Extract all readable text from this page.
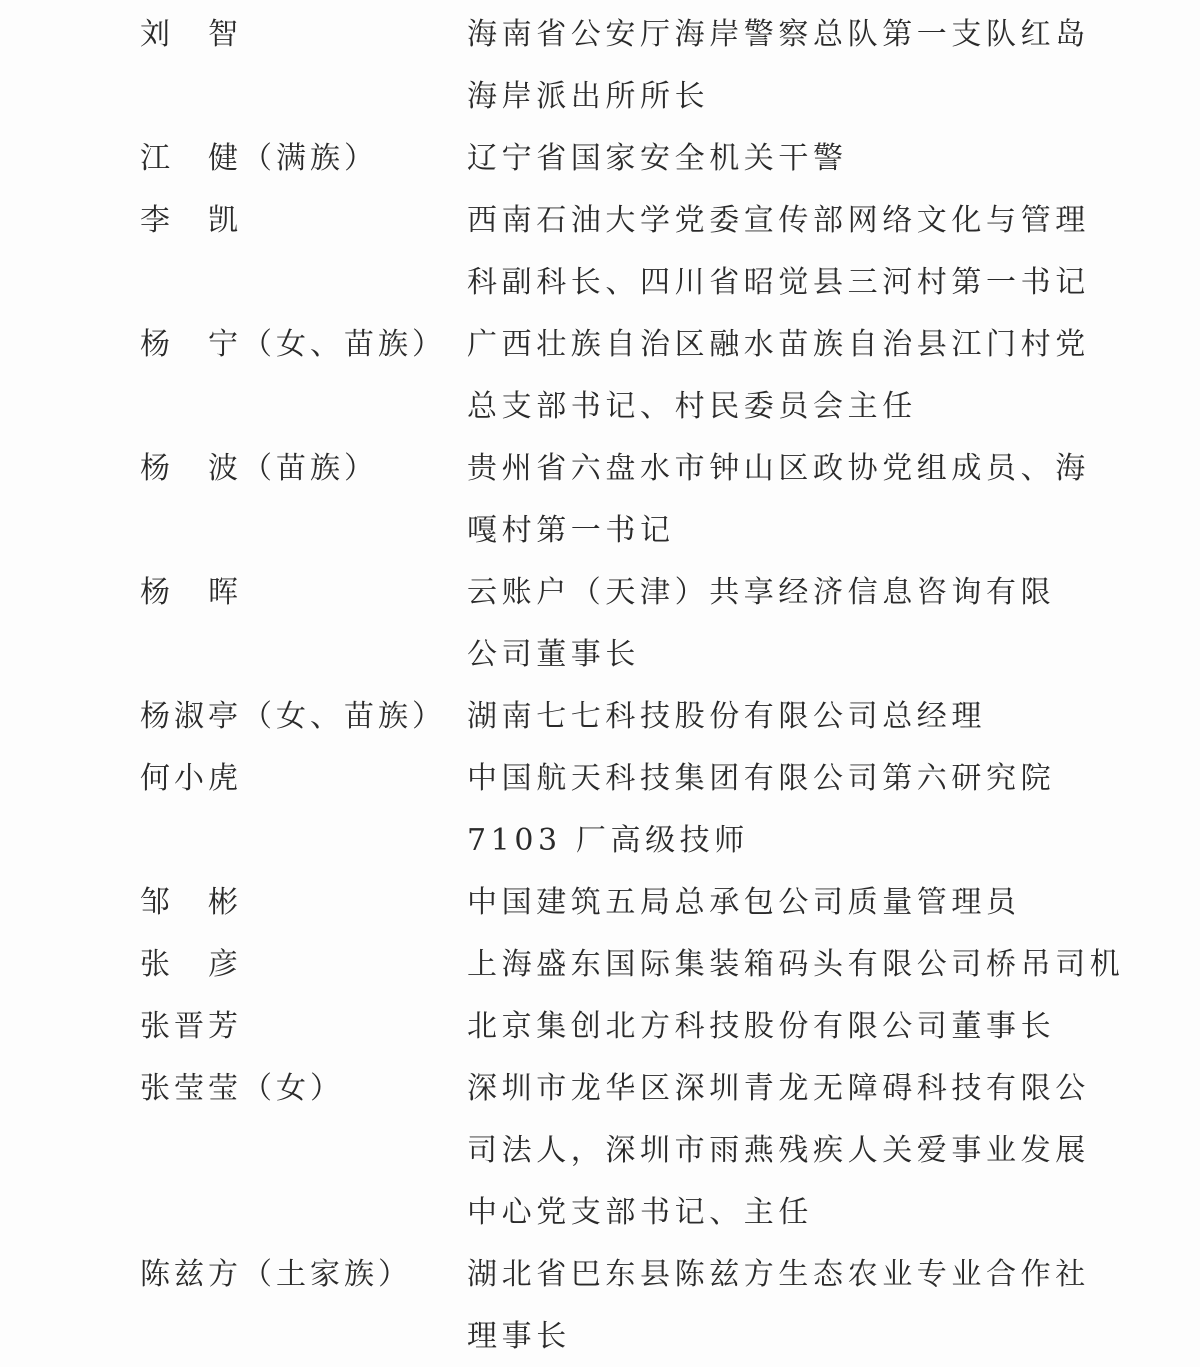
刘　智	海南省公安厅海岸警察总队第一支队红岛
海岸派出所所长
江　健（满族）	辽宁省国家安全机关干警
李　凯	西南石油大学党委宣传部网络文化与管理
科副科长、四川省昭觉县三河村第一书记
杨　宁（女、苗族） 广西壮族自治区融水苗族自治县江门村党
总支部书记、村民委员会主任
杨　波（苗族）	贵州省六盘水市钟山区政协党组成员、海
嘎村第一书记
杨　晖	云账户（天津）共享经济信息咨询有限
公司董事长
杨淑亭（女、苗族） 湖南七七科技股份有限公司总经理
何小虎	中国航天科技集团有限公司第六研究院
7103 厂高级技师
邹　彬	中国建筑五局总承包公司质量管理员
张　彦	上海盛东国际集装箱码头有限公司桥吊司机
张晋芳	北京集创北方科技股份有限公司董事长
张莹莹（女）	深圳市龙华区深圳青龙无障碍科技有限公
司法人，深圳市雨燕残疾人关爱事业发展
中心党支部书记、主任
陈兹方（土家族） 湖北省巴东县陈兹方生态农业专业合作社
理事长
